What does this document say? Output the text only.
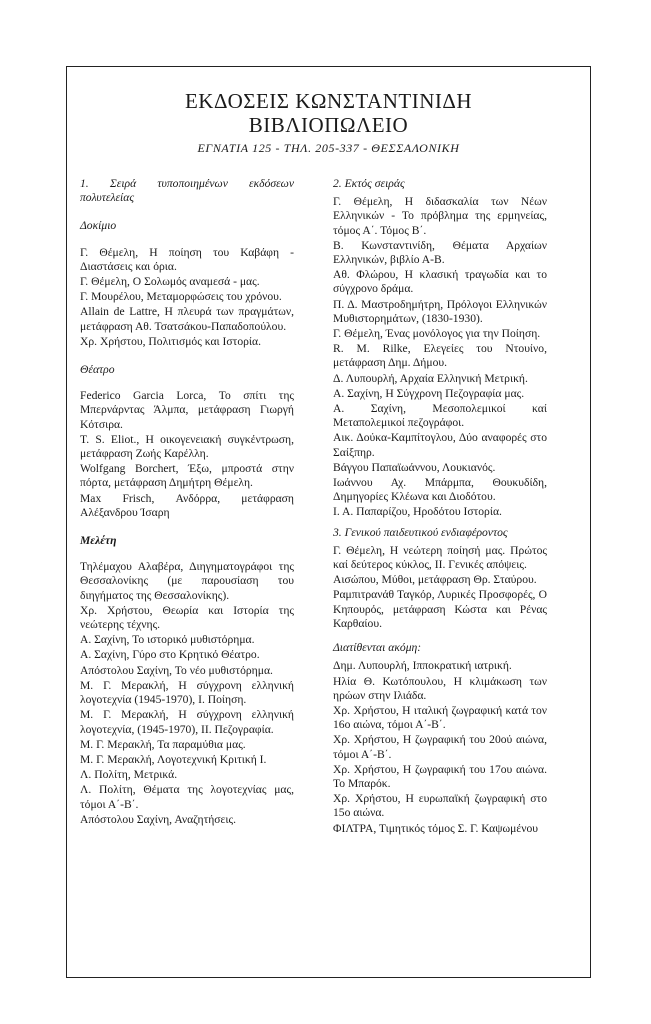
ΕΚΔΟΣΕΙΣ ΚΩΝΣΤΑΝΤΙΝΙΔΗ
ΒΙΒΛΙΟΠΩΛΕΙΟ
ΕΓΝΑΤΙΑ 125 - ΤΗΛ. 205-337 - ΘΕΣΣΑΛΟΝΙΚΗ
1. Σειρά τυποποιημένων εκδόσεων πολυτελείας
Δοκίμιο
Γ. Θέμελη, Η ποίηση του Καβάφη - Διαστάσεις και όρια.
Γ. Θέμελη, Ο Σολωμός αναμεσά - μας.
Γ. Μουρέλου, Μεταμορφώσεις του χρόνου.
Allain de Lattre, Η πλευρά των πραγμάτων, μετάφραση Αθ. Τσατσάκου-Παπαδοπούλου.
Χρ. Χρήστου, Πολιτισμός και Ιστορία.
Θέατρο
Federico Garcia Lorca, Το σπίτι της Μπερνάρντας Άλμπα, μετάφραση Γιωργή Κότσιρα.
T. S. Eliot., Η οικογενειακή συγκέντρωση, μετάφραση Ζωής Καρέλλη.
Wolfgang Borchert, Έξω, μπροστά στην πόρτα, μετάφραση Δημήτρη Θέμελη.
Max Frisch, Ανδόρρα, μετάφραση Αλέξανδρου Ίσαρη
Μελέτη
Τηλέμαχου Αλαβέρα, Διηγηματογράφοι της Θεσσαλονίκης (με παρουσίαση του διηγήματος της Θεσσαλονίκης).
Χρ. Χρήστου, Θεωρία και Ιστορία της νεώτερης τέχνης.
Α. Σαχίνη, Το ιστορικό μυθιστόρημα.
Α. Σαχίνη, Γύρο στο Κρητικό Θέατρο.
Απόστολου Σαχίνη, Το νέο μυθιστόρημα.
Μ. Γ. Μερακλή, Η σύγχρονη ελληνική λογοτεχνία (1945-1970), Ι. Ποίηση.
Μ. Γ. Μερακλή, Η σύγχρονη ελληνική λογοτεχνία, (1945-1970), ΙΙ. Πεζογραφία.
Μ. Γ. Μερακλή, Τα παραμύθια μας.
Μ. Γ. Μερακλή, Λογοτεχνική Κριτική Ι.
Λ. Πολίτη, Μετρικά.
Λ. Πολίτη, Θέματα της λογοτεχνίας μας, τόμοι Α΄-Β΄.
Απόστολου Σαχίνη, Αναζητήσεις.
2. Εκτός σειράς
Γ. Θέμελη, Η διδασκαλία των Νέων Ελληνικών - Το πρόβλημα της ερμηνείας, τόμος Α΄. Τόμος Β΄.
Β. Κωνσταντινίδη, Θέματα Αρχαίων Ελληνικών, βιβλίο Α-Β.
Αθ. Φλώρου, Η κλασική τραγωδία και το σύγχρονο δράμα.
Π. Δ. Μαστροδημήτρη, Πρόλογοι Ελληνικών Μυθιστορημάτων, (1830-1930).
Γ. Θέμελη, Ένας μονόλογος για την Ποίηση.
R. M. Rilke, Ελεγείες του Ντουίνο, μετάφραση Δημ. Δήμου.
Δ. Λυπουρλή, Αρχαία Ελληνική Μετρική.
Α. Σαχίνη, Η Σύγχρονη Πεζογραφία μας.
Α. Σαχίνη, Μεσοπολεμικοί καί Μεταπολεμικοί πεζογράφοι.
Αικ. Δούκα-Καμπίτογλου, Δύο αναφορές στο Σαίξπηρ.
Βάγγου Παπαϊωάννου, Λουκιανός.
Ιωάννου Αχ. Μπάρμπα, Θουκυδίδη, Δημηγορίες Κλέωνα και Διοδότου.
Ι. Α. Παπαρίζου, Ηροδότου Ιστορία.
3. Γενικού παιδευτικού ενδιαφέροντος
Γ. Θέμελη, Η νεώτερη ποίησή μας. Πρώτος καί δεύτερος κύκλος, ΙΙ. Γενικές απόψεις.
Αισώπου, Μύθοι, μετάφραση Θρ. Σταύρου.
Ραμπιτρανάθ Ταγκόρ, Λυρικές Προσφορές, Ο Κηπουρός, μετάφραση Κώστα και Ρένας Καρθαίου.
Διατίθενται ακόμη:
Δημ. Λυπουρλή, Ιπποκρατική ιατρική.
Ηλία Θ. Κωτόπουλου, Η κλιμάκωση των ηρώων στην Ιλιάδα.
Χρ. Χρήστου, Η ιταλική ζωγραφική κατά τον 16ο αιώνα, τόμοι Α΄-Β΄.
Χρ. Χρήστου, Η ζωγραφική του 20ού αιώνα, τόμοι Α΄-Β΄.
Χρ. Χρήστου, Η ζωγραφική του 17ου αιώνα. Το Μπαρόκ.
Χρ. Χρήστου, Η ευρωπαϊκή ζωγραφική στο 15ο αιώνα.
ΦΙΛΤΡΑ, Τιμητικός τόμος Σ. Γ. Καψωμένου
